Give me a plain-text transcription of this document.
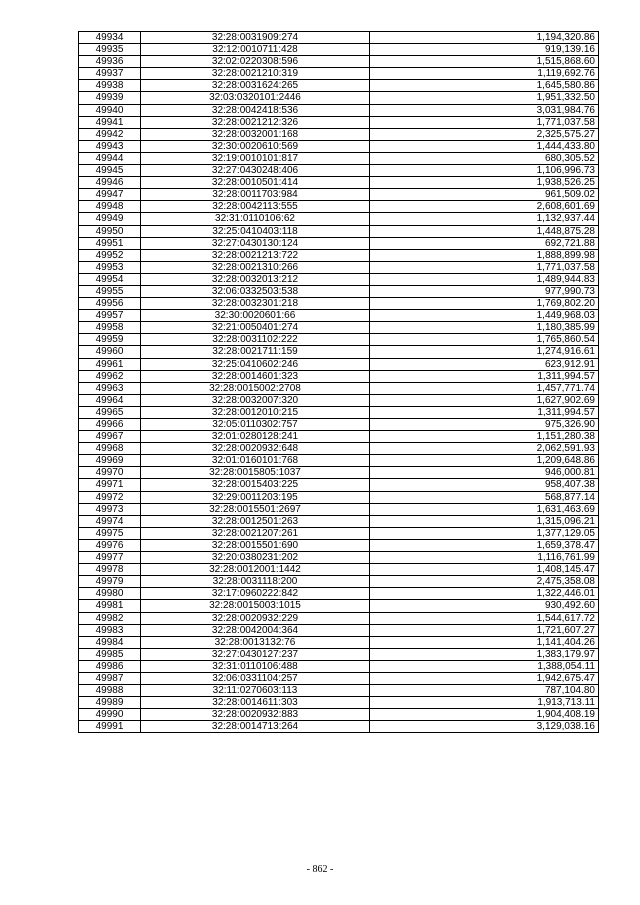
49934	32:28:0031909:274	1,194,320.86
49935	32:12:0010711:428	919,139.16
49936	32:02:0220308:596	1,515,868.60
49937	32:28:0021210:319	1,119,692.76
49938	32:28:0031624:265	1,645,580.86
49939	32:03:0320101:2446	1,951,332.50
49940	32:28:0042418:536	3,031,984.76
49941	32:28:0021212:326	1,771,037.58
49942	32:28:0032001:168	2,325,575.27
49943	32:30:0020610:569	1,444,433.80
49944	32:19:0010101:817	680,305.52
49945	32:27:0430248:406	1,106,996.73
49946	32:28:0010501:414	1,938,526.25
49947	32:28:0011703:984	961,509.02
49948	32:28:0042113:555	2,608,601.69
49949	32:31:0110106:62	1,132,937.44
49950	32:25:0410403:118	1,448,875.28
49951	32:27:0430130:124	692,721.88
49952	32:28:0021213:722	1,888,899.98
49953	32:28:0021310:266	1,771,037.58
49954	32:28:0032013:212	1,489,944.83
49955	32:06:0332503:538	977,990.73
49956	32:28:0032301:218	1,769,802.20
49957	32:30:0020601:66	1,449,968.03
49958	32:21:0050401:274	1,180,385.99
49959	32:28:0031102:222	1,765,860.54
49960	32:28:0021711:159	1,274,916.61
49961	32:25:0410602:246	623,912.91
49962	32:28:0014601:323	1,311,994.57
49963	32:28:0015002:2708	1,457,771.74
49964	32:28:0032007:320	1,627,902.69
49965	32:28:0012010:215	1,311,994.57
49966	32:05:0110302:757	975,326.90
49967	32:01:0280128:241	1,151,280.38
49968	32:28:0020932:648	2,062,591.93
49969	32:01:0160101:768	1,209,648.86
49970	32:28:0015805:1037	946,000.81
49971	32:28:0015403:225	958,407.38
49972	32:29:0011203:195	568,877.14
49973	32:28:0015501:2697	1,631,463.69
49974	32:28:0012501:263	1,315,096.21
49975	32:28:0021207:261	1,377,129.05
49976	32:28:0015501:690	1,659,378.47
49977	32:20:0380231:202	1,116,761.99
49978	32:28:0012001:1442	1,408,145.47
49979	32:28:0031118:200	2,475,358.08
49980	32:17:0960222:842	1,322,446.01
49981	32:28:0015003:1015	930,492.60
49982	32:28:0020932:229	1,544,617.72
49983	32:28:0042004:364	1,721,607.27
49984	32:28:0013132:76	1,141,404.26
49985	32:27:0430127:237	1,383,179.97
49986	32:31:0110106:488	1,388,054.11
49987	32:06:0331104:257	1,942,675.47
49988	32:11:0270603:113	787,104.80
49989	32:28:0014611:303	1,913,713.11
49990	32:28:0020932:883	1,904,408.19
49991	32:28:0014713:264	3,129,038.16
- 862 -
